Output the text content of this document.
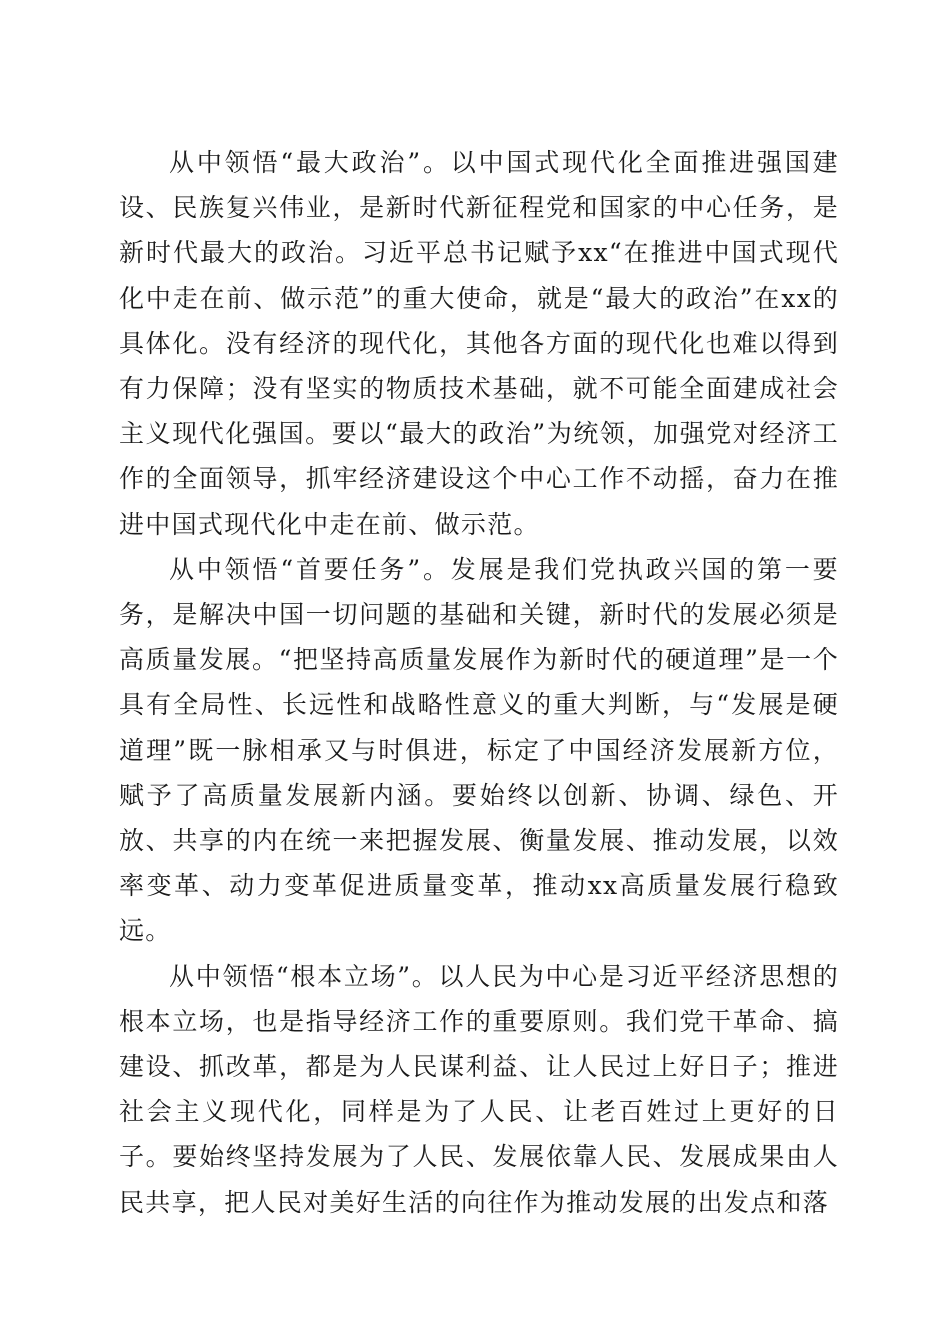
从中领悟“最大政治”。以中国式现代化全面推进强国建设、民族复兴伟业，是新时代新征程党和国家的中心任务，是新时代最大的政治。习近平总书记赋予xx“在推进中国式现代化中走在前、做示范”的重大使命，就是“最大的政治”在xx的具体化。没有经济的现代化，其他各方面的现代化也难以得到有力保障；没有坚实的物质技术基础，就不可能全面建成社会主义现代化强国。要以“最大的政治”为统领，加强党对经济工作的全面领导，抓牢经济建设这个中心工作不动摇，奋力在推进中国式现代化中走在前、做示范。

从中领悟“首要任务”。发展是我们党执政兴国的第一要务，是解决中国一切问题的基础和关键，新时代的发展必须是高质量发展。“把坚持高质量发展作为新时代的硬道理”是一个具有全局性、长远性和战略性意义的重大判断，与“发展是硬道理”既一脉相承又与时俱进，标定了中国经济发展新方位，赋予了高质量发展新内涵。要始终以创新、协调、绿色、开放、共享的内在统一来把握发展、衡量发展、推动发展，以效率变革、动力变革促进质量变革，推动xx高质量发展行稳致远。

从中领悟“根本立场”。以人民为中心是习近平经济思想的根本立场，也是指导经济工作的重要原则。我们党干革命、搞建设、抓改革，都是为人民谋利益、让人民过上好日子；推进社会主义现代化，同样是为了人民、让老百姓过上更好的日子。要始终坚持发展为了人民、发展依靠人民、发展成果由人民共享，把人民对美好生活的向往作为推动发展的出发点和落
